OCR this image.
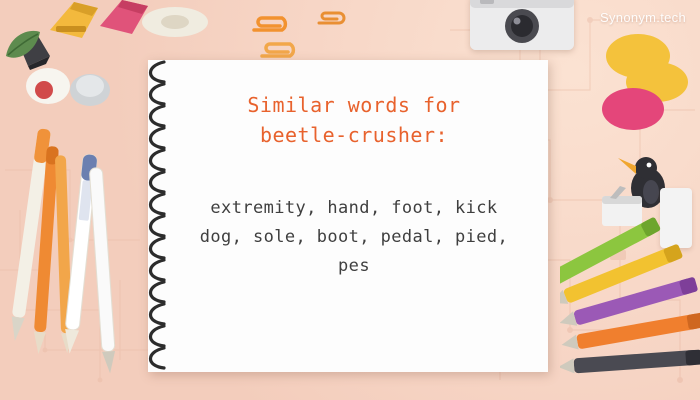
Similar words for
beetle-crusher:
extremity, hand, foot, kick
dog, sole, boot, pedal, pied,
pes
Synonym.tech
